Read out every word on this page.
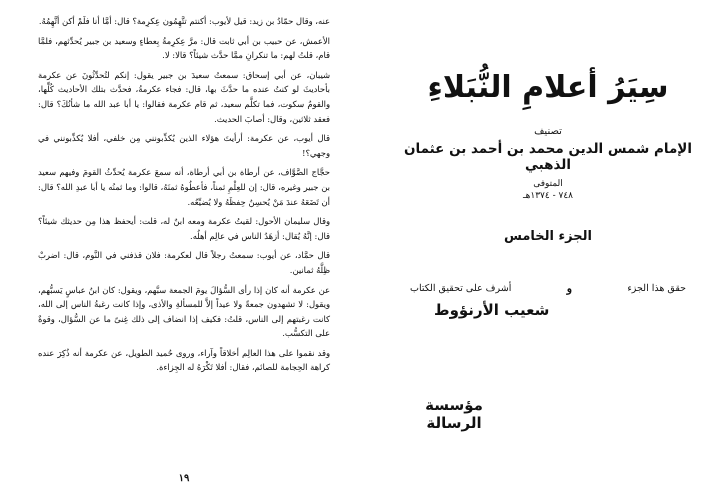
عنه، وقال حمّادُ بن زيد: قيل لأيوب: أكنتم تتَّهِمُون عِكرِمة؟ قال: أمَّا أنا فلَمْ أكن أتَّهِمُهُ.

الأعمش، عن حبيب بن أبي ثابت قال: مرَّ عِكرِمةُ بِعطاءٍ وسعيد بن جبير يُحدِّثهم، فلمَّا قام، قلتُ لهم: ما تنكرانِ ممَّا حدَّث شيئاً؟ قالا: لا.

شيبان، عن أبي إسحاق: سمعتُ سعيدَ بن جبير يقول: إنكم لتُحدِّثُونَ عن عكرمة بأحاديثَ لو كنتُ عنده ما حدَّثَ بها، قال: فجاء عكرمةُ، فحدَّث بتلك الأحاديث كُلِّها، والقومُ سكوت، فما تكلَّم سعيد، ثم قام عكرمة فقالوا: يا أبا عبد الله ما شأنُكَ؟ قال: فعقد ثلاثين، وقال: أصابَ الحديث.

قال أيوب، عن عكرمة: أرأيتَ هؤلاء الذين يُكذِّبونني مِن خلفي، أفلا يُكذِّبونني في وجهي؟!

حجَّاج الصَّوَّاف، عن أرطاة بن أبي أرطاة، أنه سمعَ عكرمة يُحدِّثُ القومَ وفيهم سعيد بن جبير وغيره، قال: إن للعِلْمِ ثمناً، فأعطُوهُ ثمنَهُ، قالوا: وما ثمنُه يا أبا عبدِ الله؟ قال: أن تَضَعَهُ عندَ مَنْ يُحسِنُ حِفظَهُ ولا يُضيِّعُه.

وقال سليمان الأحول: لقيتُ عكرمة ومعه ابنٌ له، قلت: أيحفظ هذا مِن حديثك شيئاً؟ قال: إنَّهُ يُقال: أزهَدُ الناس في عالِم أهلُه.

قال حمَّاد، عن أيوب: سمعتُ رجلاً قال لعكرمة: فلان قذفني في النَّوم، قال: اضربْ ظِلَّهُ ثمانين.

عن عكرمة أنه كان إذا رأى السُّؤالَ يومَ الجمعة سبَّهم، ويقول: كان ابنُ عباسٍ يَسبُّهم، ويقول: لا تشهدون جمعةً ولا عيداً إلاَّ للمسألةِ والأذى، وإذا كانت رغبةُ الناس إلى الله، كانت رغبتهم إلى الناس، قلتُ: فكيف إذا انضاف إلى ذلك غِنىً ما عن السُّؤال، وقوةٌ على التكسُّب.

وقد نقموا على هذا العالِم أخلاقاً وآراء، وروى حُميد الطويل، عن عكرمة أنه ذُكِرَ عنده كراهة الحِجامة للصائم، فقال: أفلا تَكْرَهُ له الجِزاءة.

١٩
سِيَرُ أعلامِ النُّبَلاءِ
تصنيف
الإمام شمس الدين محمد بن أحمد بن عثمان الذهبي
المتوفى
٧٤٨ - ١٣٧٤هـ
الجزء الخامس
أشرف على تحقيق الكتاب	و	حقق هذا الجزء
شعيب الأرنؤوط
مؤسسة الرسالة
